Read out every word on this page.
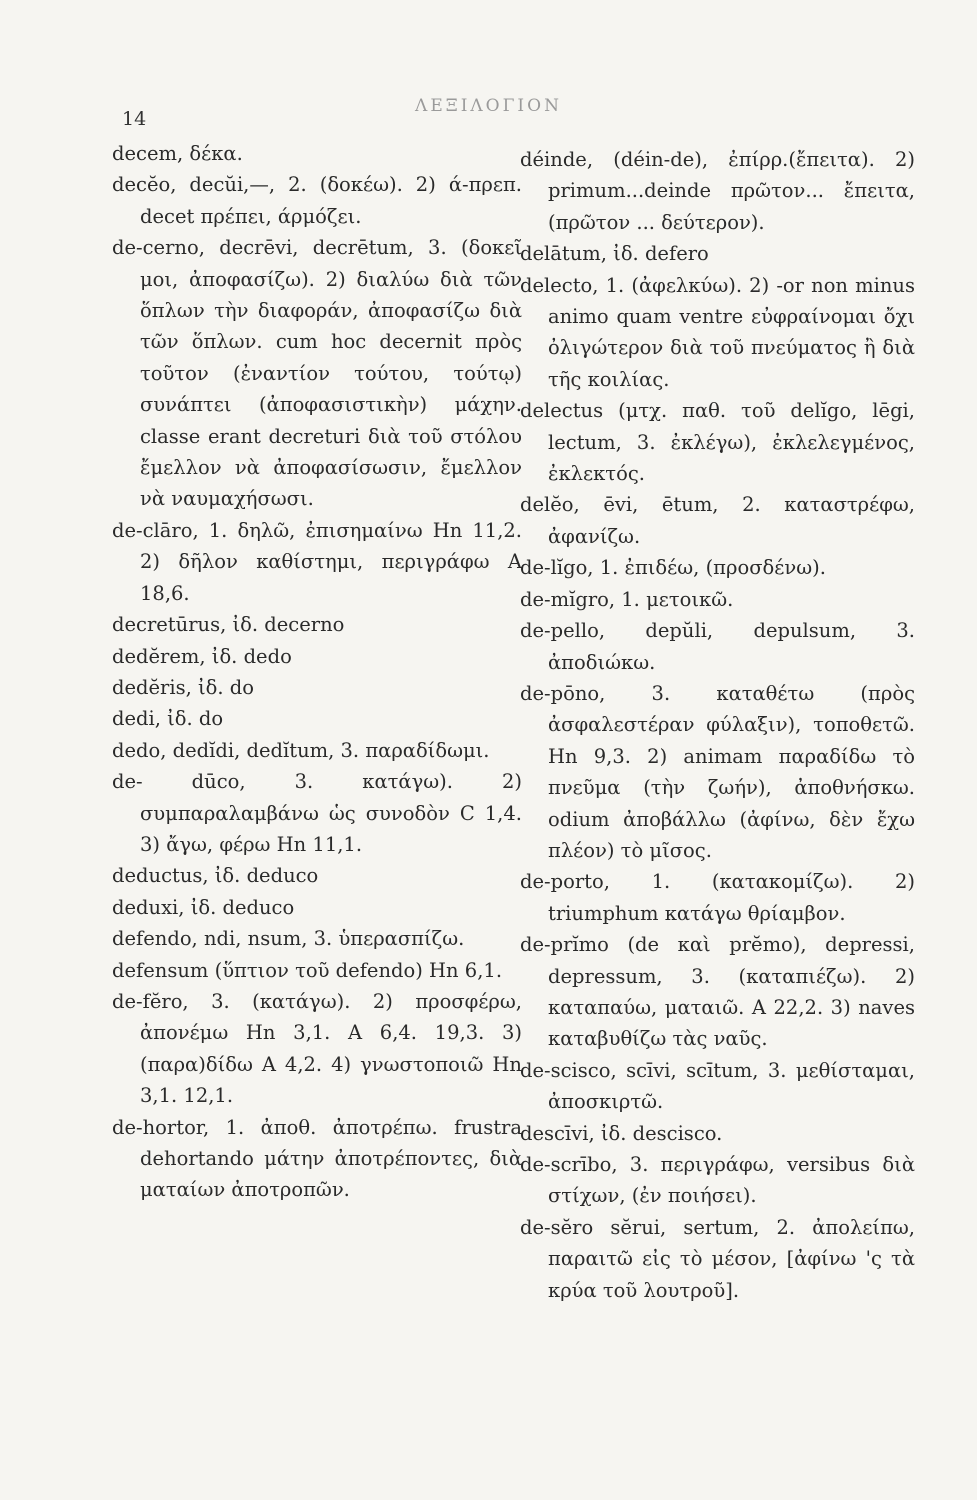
14
ΛΕΞΙΛΟΓΙΟΝ

decem, δέκα.

decĕo, decŭi,—, 2. (δοκέω). 2) ά-πρεπ. decet πρέπει, άρμόζει.

de-cerno, decrēvi, decrētum, 3. (δοκεῖ μοι, ἀποφασίζω). 2) διαλύω διὰ τῶν ὅπλων τὴν διαφοράν, ἀποφασίζω διὰ τῶν ὅπλων. cum hoc decernit πρὸς τοῦτον (ἐναντίον τούτου, τούτῳ) συνάπτει (ἀποφασιστικὴν) μάχην. classe erant decreturi διὰ τοῦ στόλου ἔμελλον νὰ ἀποφασίσωσιν, ἔμελλον νὰ ναυμαχήσωσι.

de-clāro, 1. δηλῶ, ἐπισημαίνω Hn 11,2. 2) δῆλον καθίστημι, περιγράφω A 18,6.

decretūrus, ἰδ. decerno

dedĕrem, ἰδ. dedo

dedĕris, ἰδ. do

dedi, ἰδ. do

dedo, dedĭdi, dedĭtum, 3. παραδίδωμι.

de- dūco, 3. κατάγω). 2) συμπαραλαμβάνω ὡς συνοδὸν C 1,4. 3) ἄγω, φέρω Hn 11,1.

deductus, ἰδ. deduco

deduxi, ἰδ. deduco

defendo, ndi, nsum, 3. ὑπερασπίζω.

defensum (ὕπτιον τοῦ defendo) Hn 6,1.

de-fĕro, 3. (κατάγω). 2) προσφέρω, ἀπονέμω Hn 3,1. A 6,4. 19,3. 3) (παρα)δίδω A 4,2. 4) γνωστοποιῶ Hn 3,1. 12,1.

de-hortor, 1. ἀποθ. ἀποτρέπω. frustra dehortando μάτην ἀποτρέποντες, διὰ ματαίων ἀποτροπῶν.

déinde, (déin-de), ἐπίρρ.(ἔπειτα). 2) primum...deinde πρῶτον... ἔπειτα, (πρῶτον ... δεύτερον).

delātum, ἰδ. defero

delecto, 1. (ἀφελκύω). 2) -or non minus animo quam ventre εὐφραίνομαι ὄχι ὀλιγώτερον διὰ τοῦ πνεύματος ἢ διὰ τῆς κοιλίας.

delectus (μτχ. παθ. τοῦ delĭgo, lēgi, lectum, 3. ἐκλέγω), ἐκλελεγμένος, ἐκλεκτός.

delĕo, ēvi, ētum, 2. καταστρέφω, ἀφανίζω.

de-lĭgo, 1. ἐπιδέω, (προσδένω).

de-mĭgro, 1. μετοικῶ.

de-pello, depŭli, depulsum, 3. ἀποδιώκω.

de-pōno, 3. καταθέτω (πρὸς ἀσφαλεστέραν φύλαξιν), τοποθετῶ. Hn 9,3. 2) animam παραδίδω τὸ πνεῦμα (τὴν ζωήν), ἀποθνήσκω. odium ἀποβάλλω (ἀφίνω, δὲν ἔχω πλέον) τὸ μῖσος.

de-porto, 1. (κατακομίζω). 2) triumphum κατάγω θρίαμβον.

de-prĭmo (de καὶ prĕmo), depressi, depressum, 3. (καταπιέζω). 2) καταπαύω, ματαιῶ. A 22,2. 3) naves καταβυθίζω τὰς ναῦς.

de-scisco, scīvi, scītum, 3. μεθίσταμαι, ἀποσκιρτῶ.

descīvi, ἰδ. descisco.

de-scrībo, 3. περιγράφω, versibus διὰ στίχων, (ἐν ποιήσει).

de-sĕro sĕrui, sertum, 2. ἀπολείπω, παραιτῶ εἰς τὸ μέσον, [ἀφίνω 'ς τὰ κρύα τοῦ λουτροῦ].
